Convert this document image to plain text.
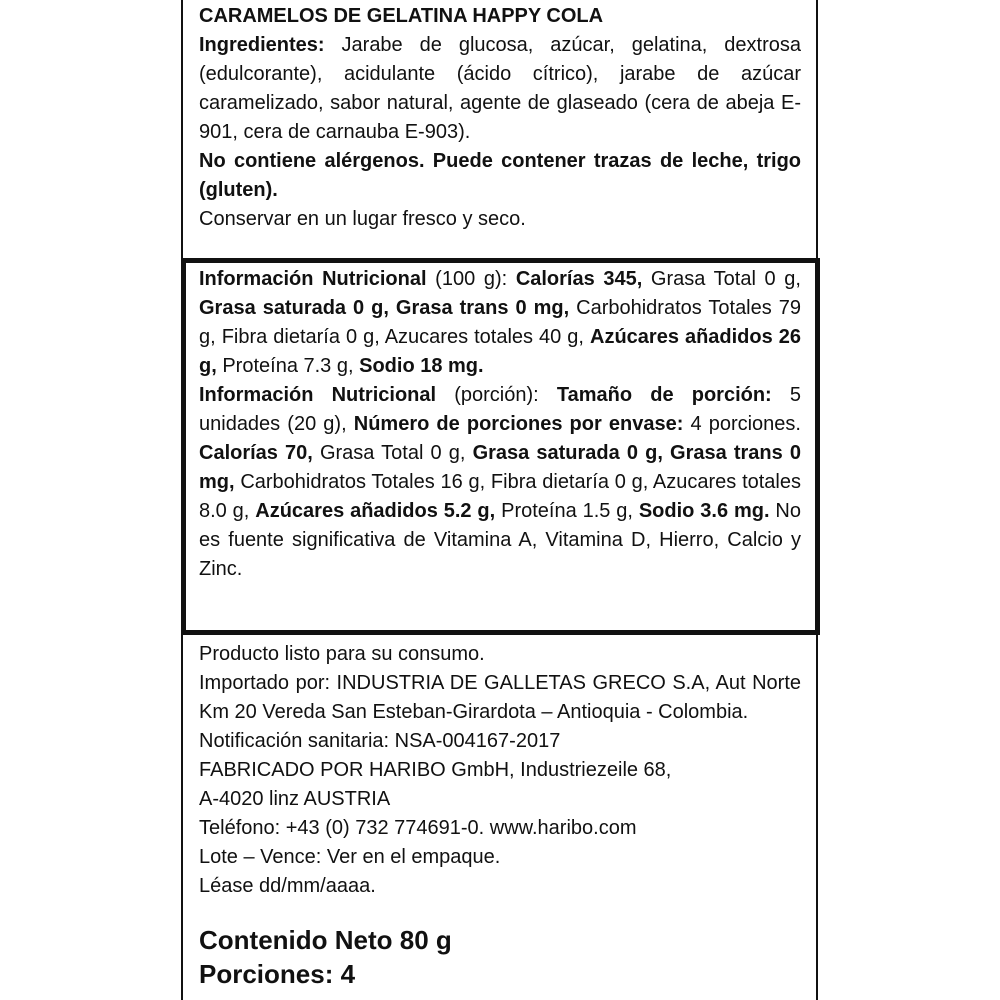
CARAMELOS DE GELATINA HAPPY COLA

Ingredientes: Jarabe de glucosa, azúcar, gelatina, dextrosa (edulcorante), acidulante (ácido cítrico), jarabe de azúcar caramelizado, sabor natural, agente de glaseado (cera de abeja E-901, cera de carnauba E-903).

No contiene alérgenos. Puede contener trazas de leche, trigo (gluten).

Conservar en un lugar fresco y seco.

Información Nutricional (100 g): Calorías 345, Grasa Total 0 g, Grasa saturada 0 g, Grasa trans 0 mg, Carbohidratos Totales 79 g, Fibra dietaría 0 g, Azucares totales 40 g, Azúcares añadidos 26 g, Proteína 7.3 g, Sodio 18 mg.

Información Nutricional (porción): Tamaño de porción: 5 unidades (20 g), Número de porciones por envase: 4 porciones. Calorías 70, Grasa Total 0 g, Grasa saturada 0 g, Grasa trans 0 mg, Carbohidratos Totales 16 g, Fibra dietaría 0 g, Azucares totales 8.0 g, Azúcares añadidos 5.2 g, Proteína 1.5 g, Sodio 3.6 mg. No es fuente significativa de Vitamina A, Vitamina D, Hierro, Calcio y Zinc.

Producto listo para su consumo.

Importado por: INDUSTRIA DE GALLETAS GRECO S.A, Aut Norte Km 20 Vereda San Esteban-Girardota – Antioquia - Colombia.

Notificación sanitaria: NSA-004167-2017

FABRICADO POR HARIBO GmbH, Industriezeile 68,

A-4020 linz AUSTRIA

Teléfono: +43 (0) 732 774691-0. www.haribo.com

Lote – Vence: Ver en el empaque.

Léase dd/mm/aaaa.

Contenido Neto 80 g
Porciones: 4
